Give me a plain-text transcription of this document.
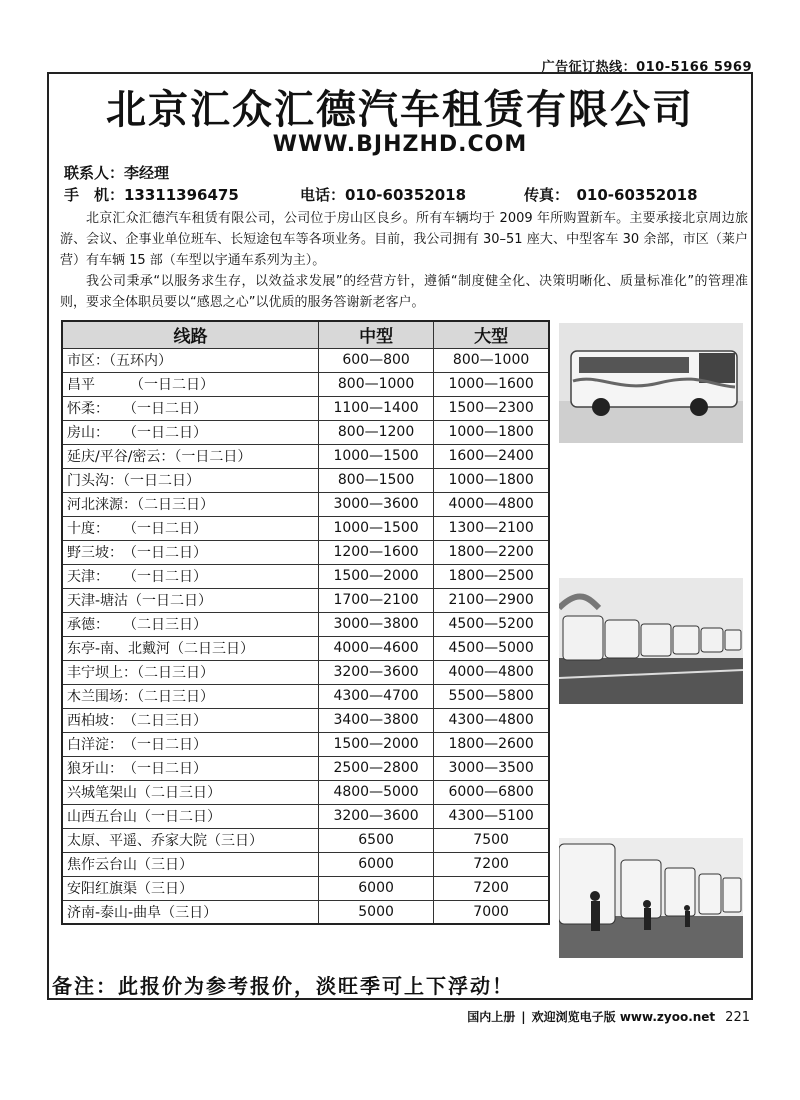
广告征订热线：010-5166 5969
北京汇众汇德汽车租赁有限公司
WWW.BJHZHD.COM
联系人：李经理
手　机：13311396475	电话：010-60352018	传真：　010-60352018

北京汇众汇德汽车租赁有限公司，公司位于房山区良乡。所有车辆均于 2009 年所购置新车。主要承接北京周边旅游、会议、企事业单位班车、长短途包车等各项业务。目前，我公司拥有 30–51 座大、中型客车 30 余部，市区（莱户营）有车辆 15 部（车型以宇通车系列为主）。

我公司秉承“以服务求生存，以效益求发展”的经营方针，遵循“制度健全化、决策明晰化、质量标准化”的管理准则，要求全体职员要以“感恩之心”以优质的服务答谢新老客户。

线路	中型	大型
市区：（五环内）	600—800	800—1000
昌平　　　（一日二日）	800—1000	1000—1600
怀柔：　　（一日二日）	1100—1400	1500—2300
房山：　　（一日二日）	800—1200	1000—1800
延庆/平谷/密云：（一日二日）	1000—1500	1600—2400
门头沟：（一日二日）	800—1500	1000—1800
河北涞源：（二日三日）	3000—3600	4000—4800
十度：　　（一日二日）	1000—1500	1300—2100
野三坡：　（一日二日）	1200—1600	1800—2200
天津：　　（一日二日）	1500—2000	1800—2500
天津-塘沽（一日二日）	1700—2100	2100—2900
承德：　　（二日三日）	3000—3800	4500—5200
东亭-南、北戴河（二日三日）	4000—4600	4500—5000
丰宁坝上：（二日三日）	3200—3600	4000—4800
木兰围场：（二日三日）	4300—4700	5500—5800
西柏坡：　（二日三日）	3400—3800	4300—4800
白洋淀：　（一日二日）	1500—2000	1800—2600
狼牙山：　（一日二日）	2500—2800	3000—3500
兴城笔架山（二日三日）	4800—5000	6000—6800
山西五台山（一日二日）	3200—3600	4300—5100
太原、平遥、乔家大院（三日）	6500	7500
焦作云台山（三日）	6000	7200
安阳红旗渠（三日）	6000	7200
济南-泰山-曲阜（三日）	5000	7000
备注：此报价为参考报价，淡旺季可上下浮动！
国内上册 | 欢迎浏览电子版 www.zyoo.net 221
